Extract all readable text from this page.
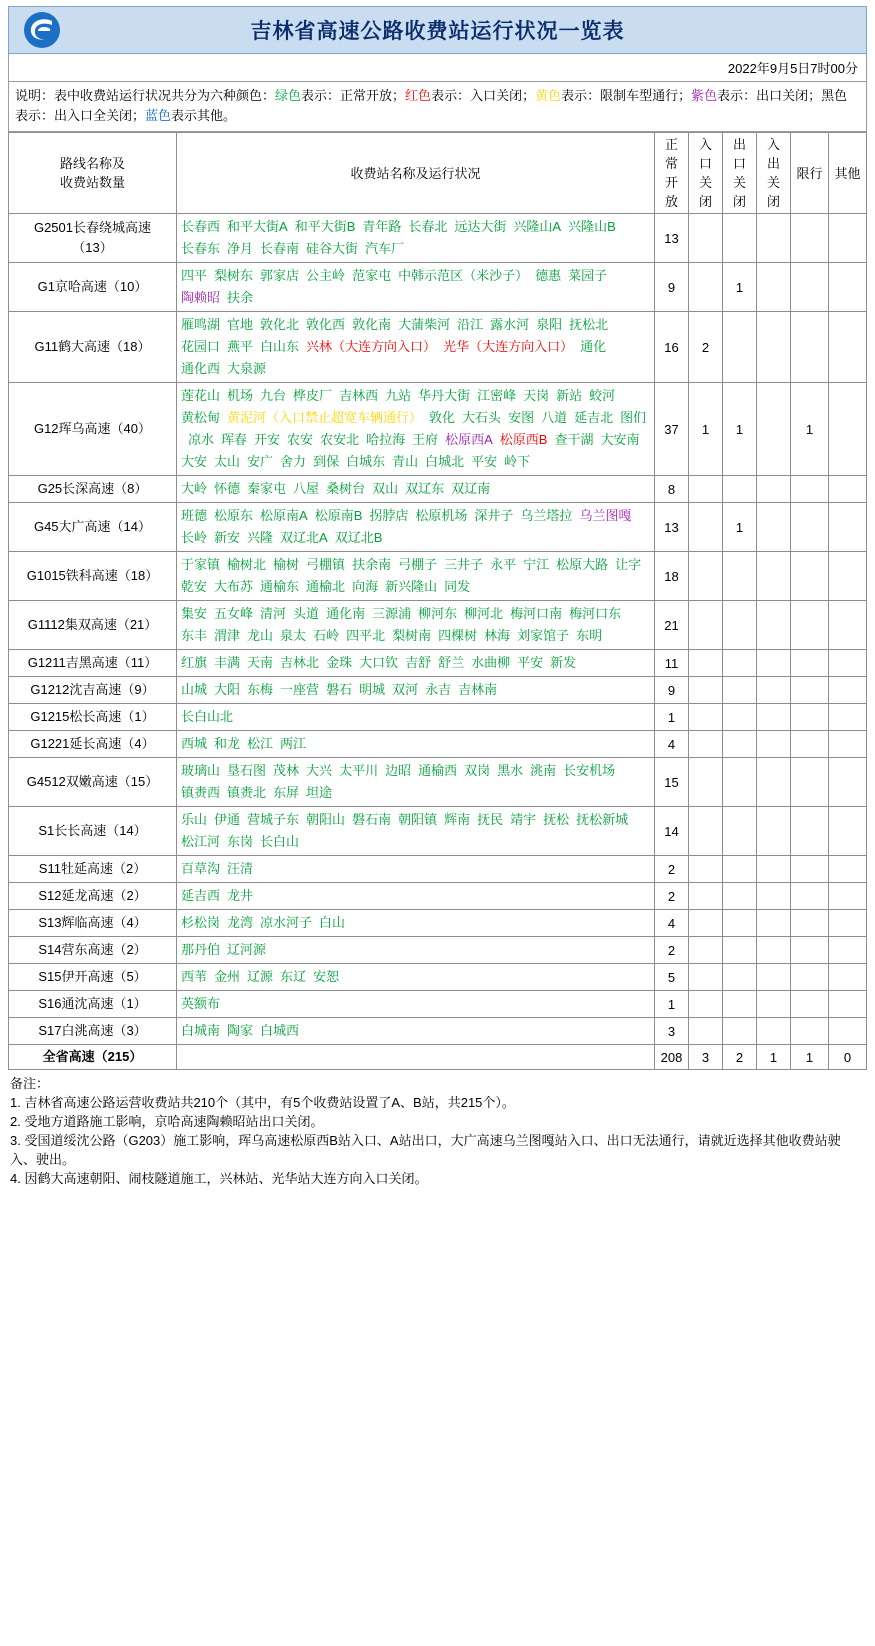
吉林省高速公路收费站运行状况一览表
2022年9月5日7时00分
说明：表中收费站运行状况共分为六种颜色：绿色表示：正常开放；红色表示：入口关闭；黄色表示：限制车型通行；紫色表示：出口关闭；黑色表示：出入口全关闭；蓝色表示其他。
路线名称及
收费站数量	收费站名称及运行状况	正常
开放	入口
关闭	出口
关闭	入出
关闭	限行	其他
G2501长春绕城高速
（13）	长春西 和平大街A 和平大街B 青年路 长春北 远达大街 兴隆山A 兴隆山B长春东 净月 长春南 硅谷大街 汽车厂	13					
G1京哈高速（10）	四平 梨树东 郭家店 公主岭 范家屯 中韩示范区（米沙子） 德惠 菜园子陶赖昭 扶余	9		1			
G11鹤大高速（18）	雁鸣湖 官地 敦化北 敦化西 敦化南 大蒲柴河 沿江 露水河 泉阳 抚松北花园口 燕平 白山东 兴林（大连方向入口） 光华（大连方向入口） 通化通化西 大泉源	16	2				
G12珲乌高速（40）	莲花山 机场 九台 桦皮厂 吉林西 九站 华丹大街 江密峰 天岗 新站 蛟河黄松甸 黄泥河（入口禁止超宽车辆通行） 敦化 大石头 安图 八道 延吉北 图们凉水 珲春 开安 农安 农安北 哈拉海 王府 松原西A 松原西B 查干湖 大安南大安 太山 安广 舍力 到保 白城东 青山 白城北 平安 岭下	37	1	1		1	
G25长深高速（8）	大岭 怀德 秦家屯 八屋 桑树台 双山 双辽东 双辽南	8					
G45大广高速（14）	班德 松原东 松原南A 松原南B 拐脖店 松原机场 深井子 乌兰塔拉 乌兰图嘎长岭 新安 兴隆 双辽北A 双辽北B	13		1			
G1015铁科高速（18）	于家镇 榆树北 榆树 弓棚镇 扶余南 弓棚子 三井子 永平 宁江 松原大路 让字乾安 大布苏 通榆东 通榆北 向海 新兴隆山 同发	18					
G1112集双高速（21）	集安 五女峰 清河 头道 通化南 三源浦 柳河东 柳河北 梅河口南 梅河口东东丰 渭津 龙山 泉太 石岭 四平北 梨树南 四棵树 林海 刘家馆子 东明	21					
G1211吉黑高速（11）	红旗 丰满 天南 吉林北 金珠 大口钦 吉舒 舒兰 水曲柳 平安 新发	11					
G1212沈吉高速（9）	山城 大阳 东梅 一座营 磐石 明城 双河 永吉 吉林南	9					
G1215松长高速（1）	长白山北	1					
G1221延长高速（4）	西城 和龙 松江 两江	4					
G4512双嫩高速（15）	玻璃山 垦石图 茂林 大兴 太平川 边昭 通榆西 双岗 黑水 洮南 长安机场镇赉西 镇赉北 东屏 坦途	15					
S1长长高速（14）	乐山 伊通 营城子东 朝阳山 磐石南 朝阳镇 辉南 抚民 靖宇 抚松 抚松新城松江河 东岗 长白山	14					
S11牡延高速（2）	百草沟 汪清	2					
S12延龙高速（2）	延吉西 龙井	2					
S13辉临高速（4）	杉松岗 龙湾 凉水河子 白山	4					
S14营东高速（2）	那丹伯 辽河源	2					
S15伊开高速（5）	西苇 金州 辽源 东辽 安恕	5					
S16通沈高速（1）	英额布	1					
S17白洮高速（3）	白城南 陶家 白城西	3					
全省高速（215）		208	3	2	1	1	0
备注：
1. 吉林省高速公路运营收费站共210个（其中，有5个收费站设置了A、B站，共215个）。
2. 受地方道路施工影响，京哈高速陶赖昭站出口关闭。
3. 受国道绥沈公路（G203）施工影响，珲乌高速松原西B站入口、A站出口，大广高速乌兰图嘎站入口、出口无法通行，请就近选择其他收费站驶入、驶出。
4. 因鹤大高速朝阳、闹枝隧道施工，兴林站、光华站大连方向入口关闭。
